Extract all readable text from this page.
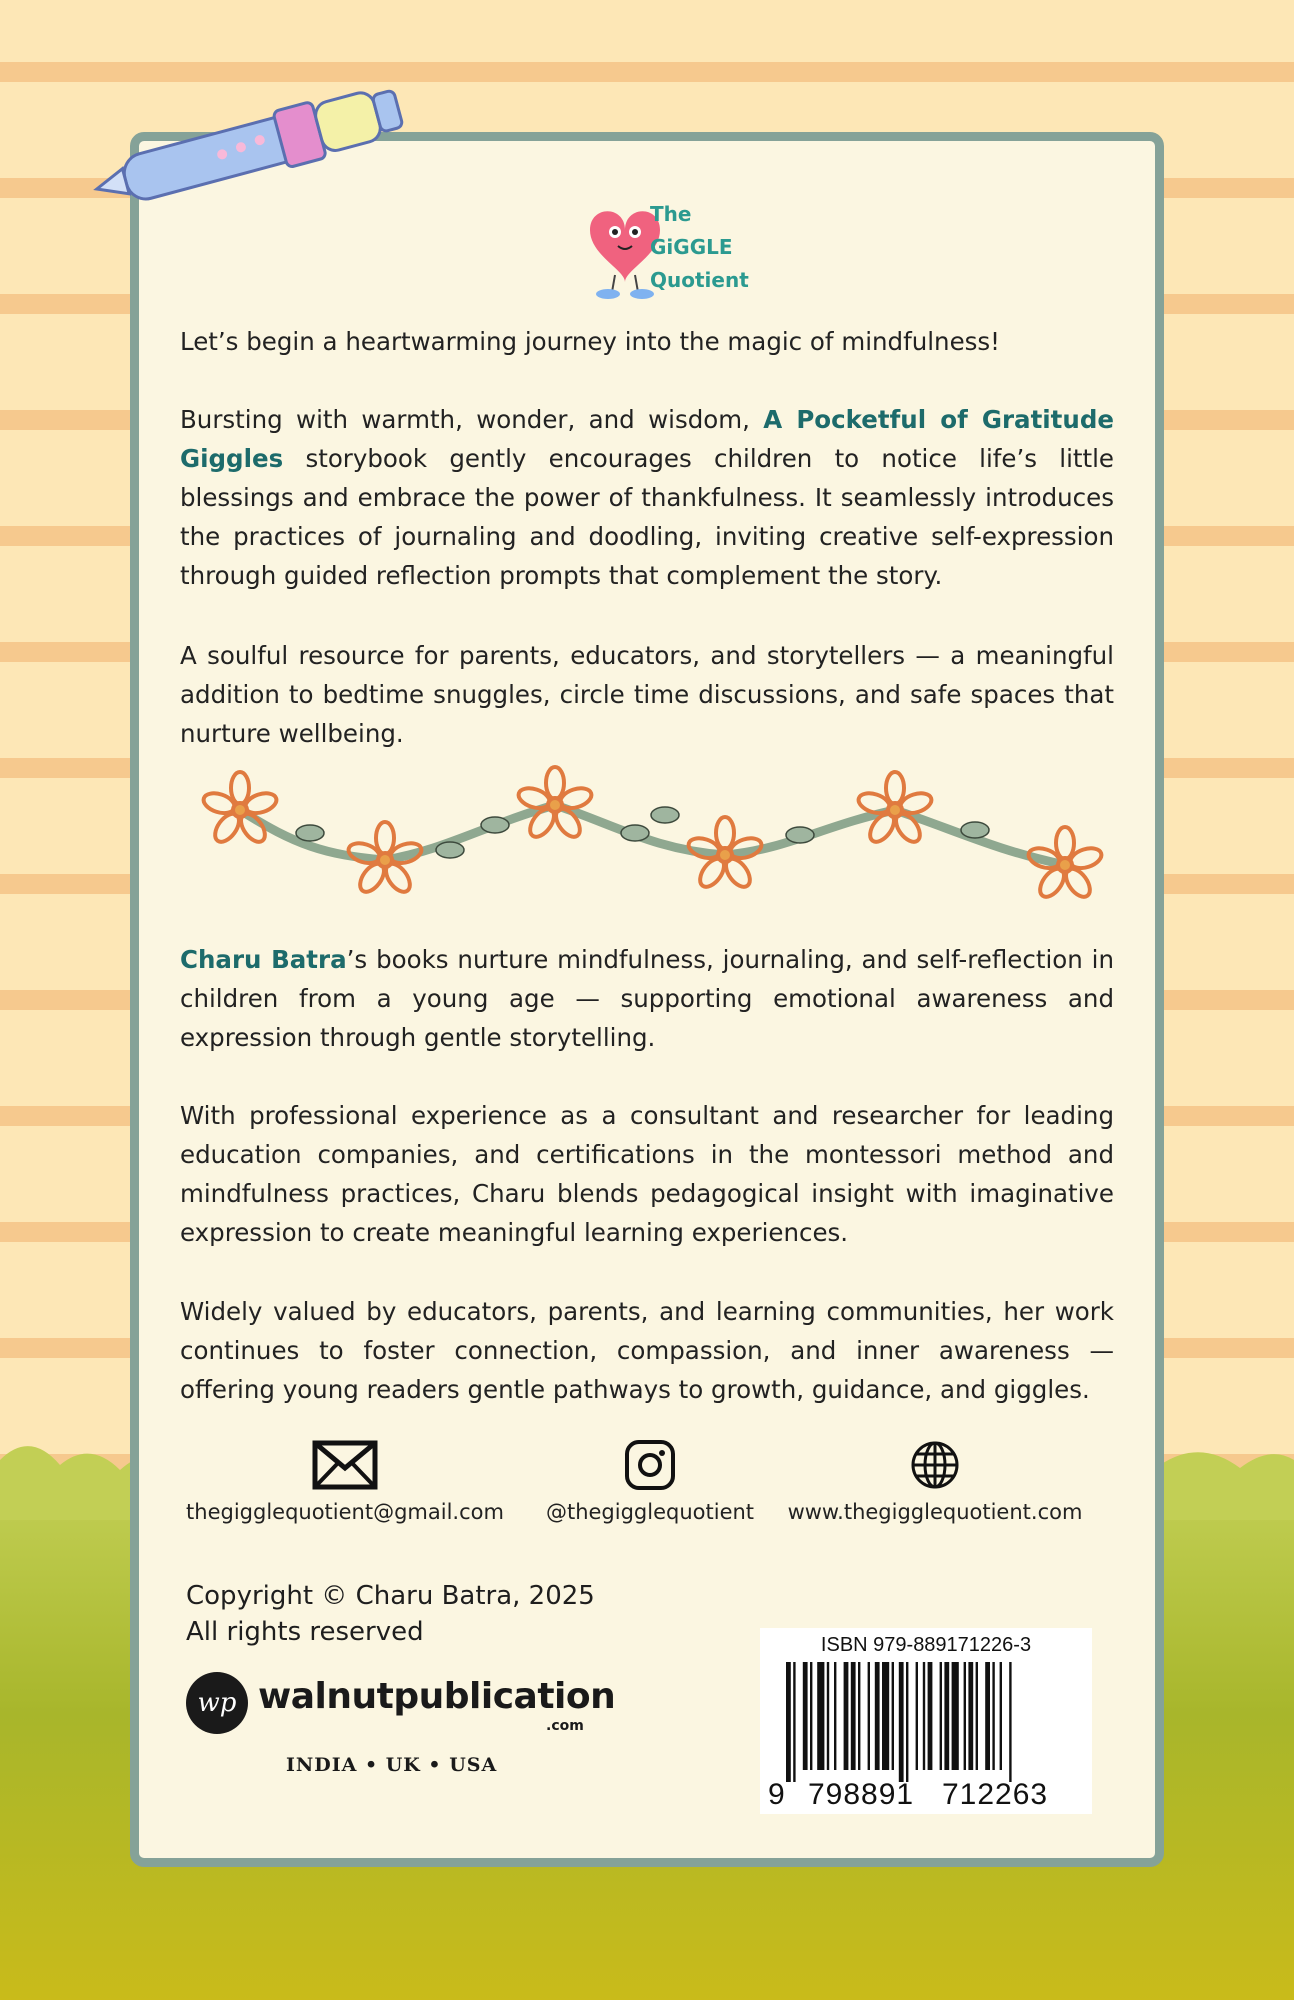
The
GiGGLE
Quotient

Let’s begin a heartwarming journey into the magic of mindfulness!

Bursting with warmth, wonder, and wisdom, A Pocketful of Gratitude Giggles storybook gently encourages children to notice life’s little blessings and embrace the power of thankfulness. It seamlessly introduces the practices of journaling and doodling, inviting creative self-expression through guided reflection prompts that complement the story.

A soulful resource for parents, educators, and storytellers — a meaningful addition to bedtime snuggles, circle time discussions, and safe spaces that nurture wellbeing.

Charu Batra’s books nurture mindfulness, journaling, and self-reflection in children from a young age — supporting emotional awareness and expression through gentle storytelling.

With professional experience as a consultant and researcher for leading education companies, and certifications in the montessori method and mindfulness practices, Charu blends pedagogical insight with imaginative expression to create meaningful learning experiences.

Widely valued by educators, parents, and learning communities, her work continues to foster connection, compassion, and inner awareness — offering young readers gentle pathways to growth, guidance, and giggles.

thegigglequotient@gmail.com	@thegigglequotient	www.thegigglequotient.com
Copyright © Charu Batra, 2025
All rights reserved
wp walnutpublication
.com
INDIA • UK • USA
ISBN 979-889171226-3
9 798891 712263
